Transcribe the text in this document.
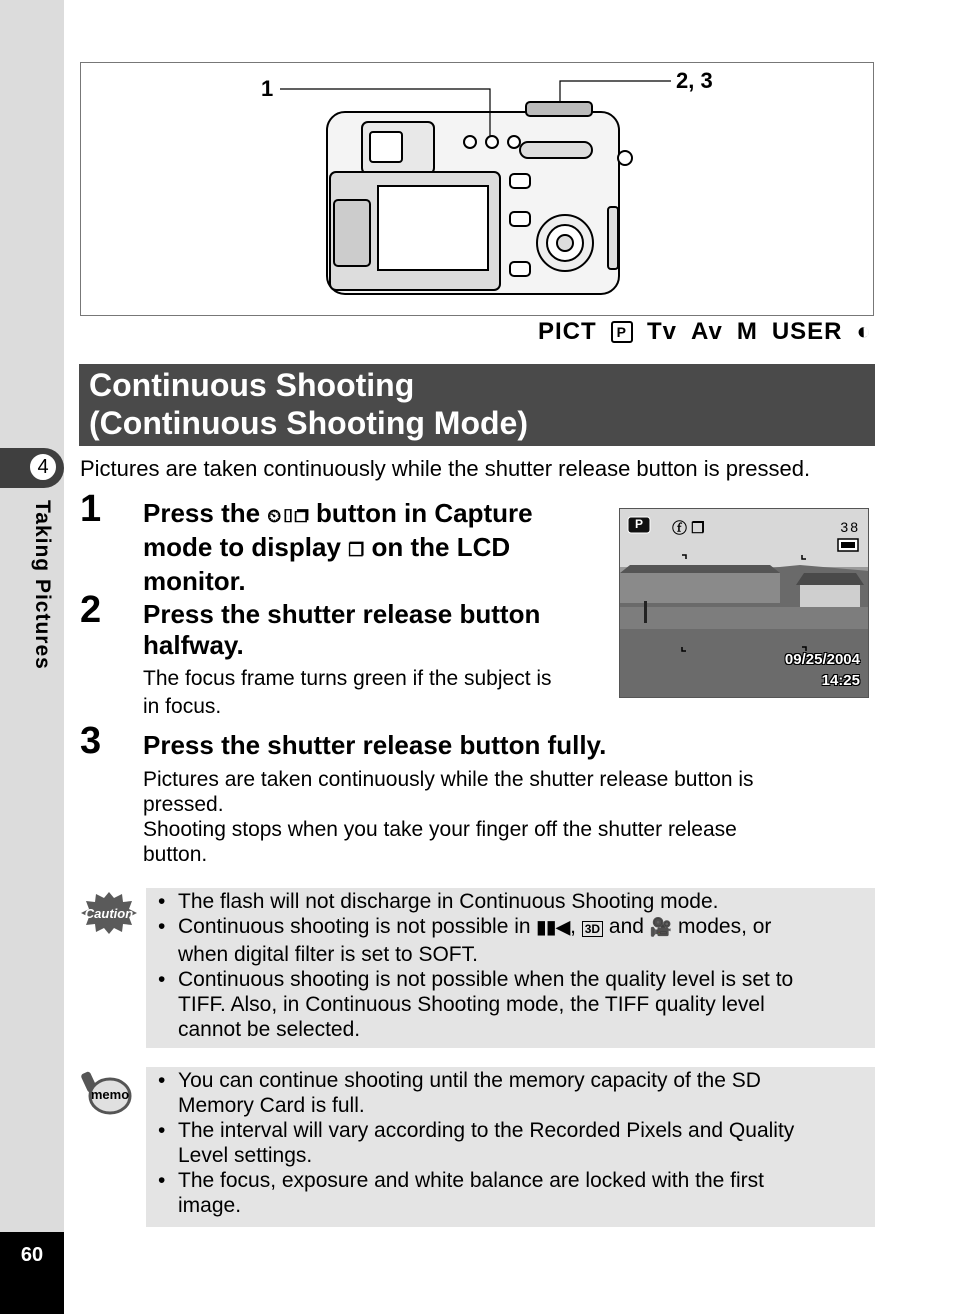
4
Taking Pictures
60
1	2, 3
PICT	P Tv Av M USER ◐
Continuous Shooting
(Continuous Shooting Mode)
Pictures are taken continuously while the shutter release button is pressed.
1 Press the ⏲▯❐ button in Capture
mode to display ❐ on the LCD
monitor.
2 Press the shutter release button
halfway.
The focus frame turns green if the subject is
in focus.
3 Press the shutter release button fully.
Pictures are taken continuously while the shutter release button is
pressed.
Shooting stops when you take your finger off the shutter release
button.
P	ⓕ ❐	38
09/25/2004
14:25
Caution
• The flash will not discharge in Continuous Shooting mode.
• Continuous shooting is not possible in ▮▮◀, 3D and 🎥 modes, or
when digital filter is set to SOFT.
• Continuous shooting is not possible when the quality level is set to
TIFF. Also, in Continuous Shooting mode, the TIFF quality level
cannot be selected.
memo
• You can continue shooting until the memory capacity of the SD
Memory Card is full.
• The interval will vary according to the Recorded Pixels and Quality
Level settings.
• The focus, exposure and white balance are locked with the first
image.
